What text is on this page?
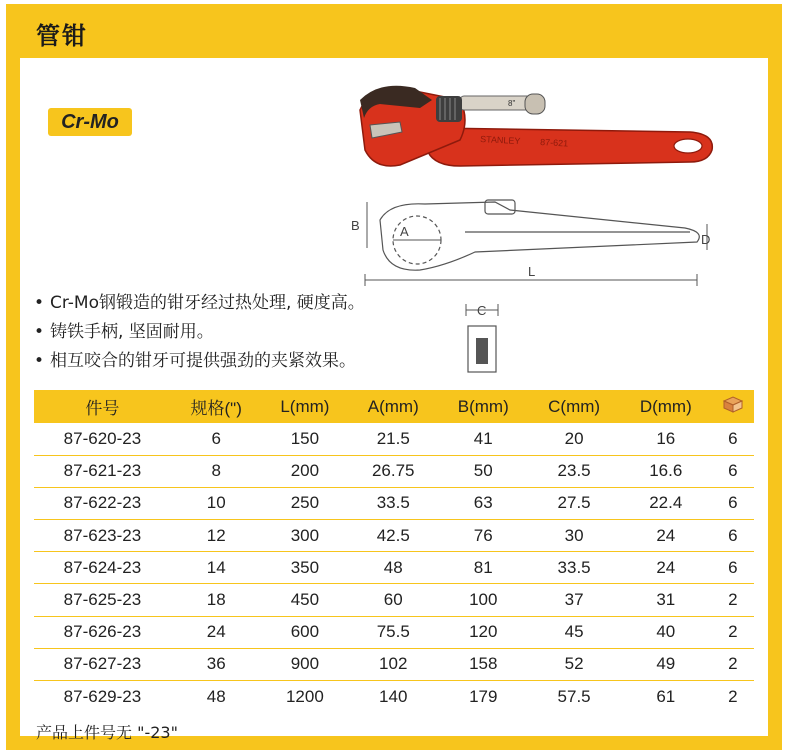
管钳
Cr-Mo
8"
STANLEY 87-621
B	A
D
L
C
• Cr-Mo钢锻造的钳牙经过热处理, 硬度高。
• 铸铁手柄, 坚固耐用。
• 相互咬合的钳牙可提供强劲的夹紧效果。
件号	规格(")	L(mm)	A(mm)	B(mm)	C(mm)	D(mm)	
87-620-23	6	150	21.5	41	20	16	6
87-621-23	8	200	26.75	50	23.5	16.6	6
87-622-23	10	250	33.5	63	27.5	22.4	6
87-623-23	12	300	42.5	76	30	24	6
87-624-23	14	350	48	81	33.5	24	6
87-625-23	18	450	60	100	37	31	2
87-626-23	24	600	75.5	120	45	40	2
87-627-23	36	900	102	158	52	49	2
87-629-23	48	1200	140	179	57.5	61	2
产品上件号无 "-23"
